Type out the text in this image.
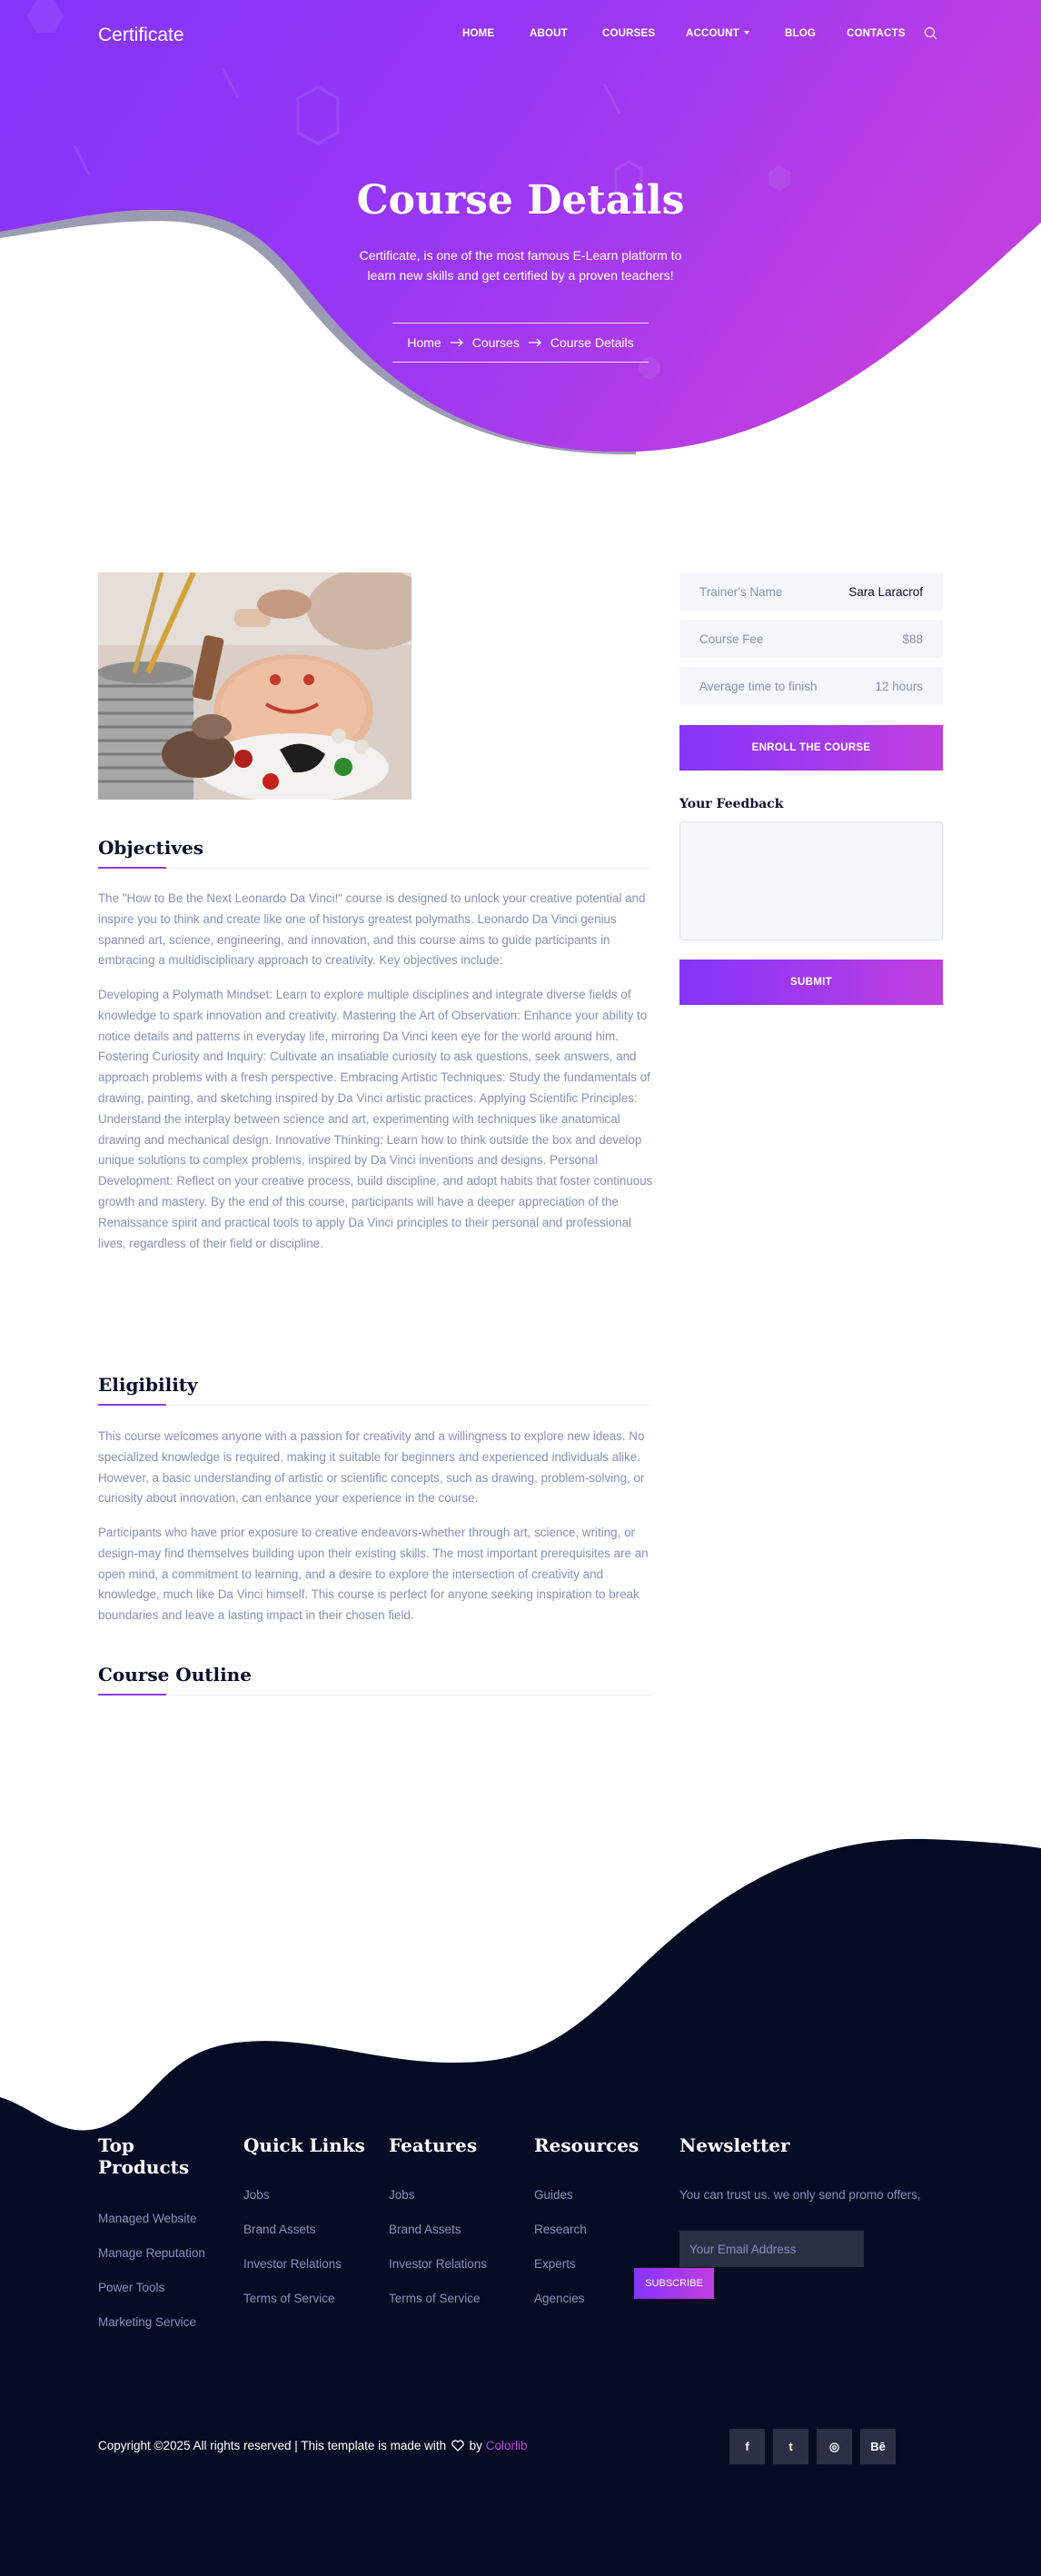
Certificate	HOME	ABOUT	COURSES	ACCOUNT	BLOG	CONTACTS
Course Details

Certificate, is one of the most famous E-Learn platform to learn new skills and get certified by a proven teachers!

Home Courses Course Details
Objectives

The "How to Be the Next Leonardo Da Vinci!" course is designed to unlock your creative potential and inspire you to think and create like one of historys greatest polymaths. Leonardo Da Vinci genius spanned art, science, engineering, and innovation, and this course aims to guide participants in embracing a multidisciplinary approach to creativity. Key objectives include:

Developing a Polymath Mindset: Learn to explore multiple disciplines and integrate diverse fields of knowledge to spark innovation and creativity. Mastering the Art of Observation: Enhance your ability to notice details and patterns in everyday life, mirroring Da Vinci keen eye for the world around him. Fostering Curiosity and Inquiry: Cultivate an insatiable curiosity to ask questions, seek answers, and approach problems with a fresh perspective. Embracing Artistic Techniques: Study the fundamentals of drawing, painting, and sketching inspired by Da Vinci artistic practices. Applying Scientific Principles: Understand the interplay between science and art, experimenting with techniques like anatomical drawing and mechanical design. Innovative Thinking: Learn how to think outside the box and develop unique solutions to complex problems, inspired by Da Vinci inventions and designs. Personal Development: Reflect on your creative process, build discipline, and adopt habits that foster continuous growth and mastery. By the end of this course, participants will have a deeper appreciation of the Renaissance spirit and practical tools to apply Da Vinci principles to their personal and professional lives, regardless of their field or discipline.

Eligibility

This course welcomes anyone with a passion for creativity and a willingness to explore new ideas. No specialized knowledge is required, making it suitable for beginners and experienced individuals alike. However, a basic understanding of artistic or scientific concepts, such as drawing, problem-solving, or curiosity about innovation, can enhance your experience in the course.

Participants who have prior exposure to creative endeavors-whether through art, science, writing, or design-may find themselves building upon their existing skills. The most important prerequisites are an open mind, a commitment to learning, and a desire to explore the intersection of creativity and knowledge, much like Da Vinci himself. This course is perfect for anyone seeking inspiration to break boundaries and leave a lasting impact in their chosen field.

Course Outline
Trainer's Name	Sara Laracrof
Course Fee	$88
Average time to finish	12 hours
ENROLL THE COURSE
Your Feedback
SUBMIT
Top Products
Managed Website
Manage Reputation
Power Tools
Marketing Service
Quick Links
Jobs
Brand Assets
Investor Relations
Terms of Service
Features
Jobs
Brand Assets
Investor Relations
Terms of Service
Resources
Guides
Research
Experts
Agencies
Newsletter
You can trust us. we only send promo offers,
Your Email Address
SUBSCRIBE
Copyright ©2025 All rights reserved | This template is made with by Colorlib	f	t	◎	Bē
